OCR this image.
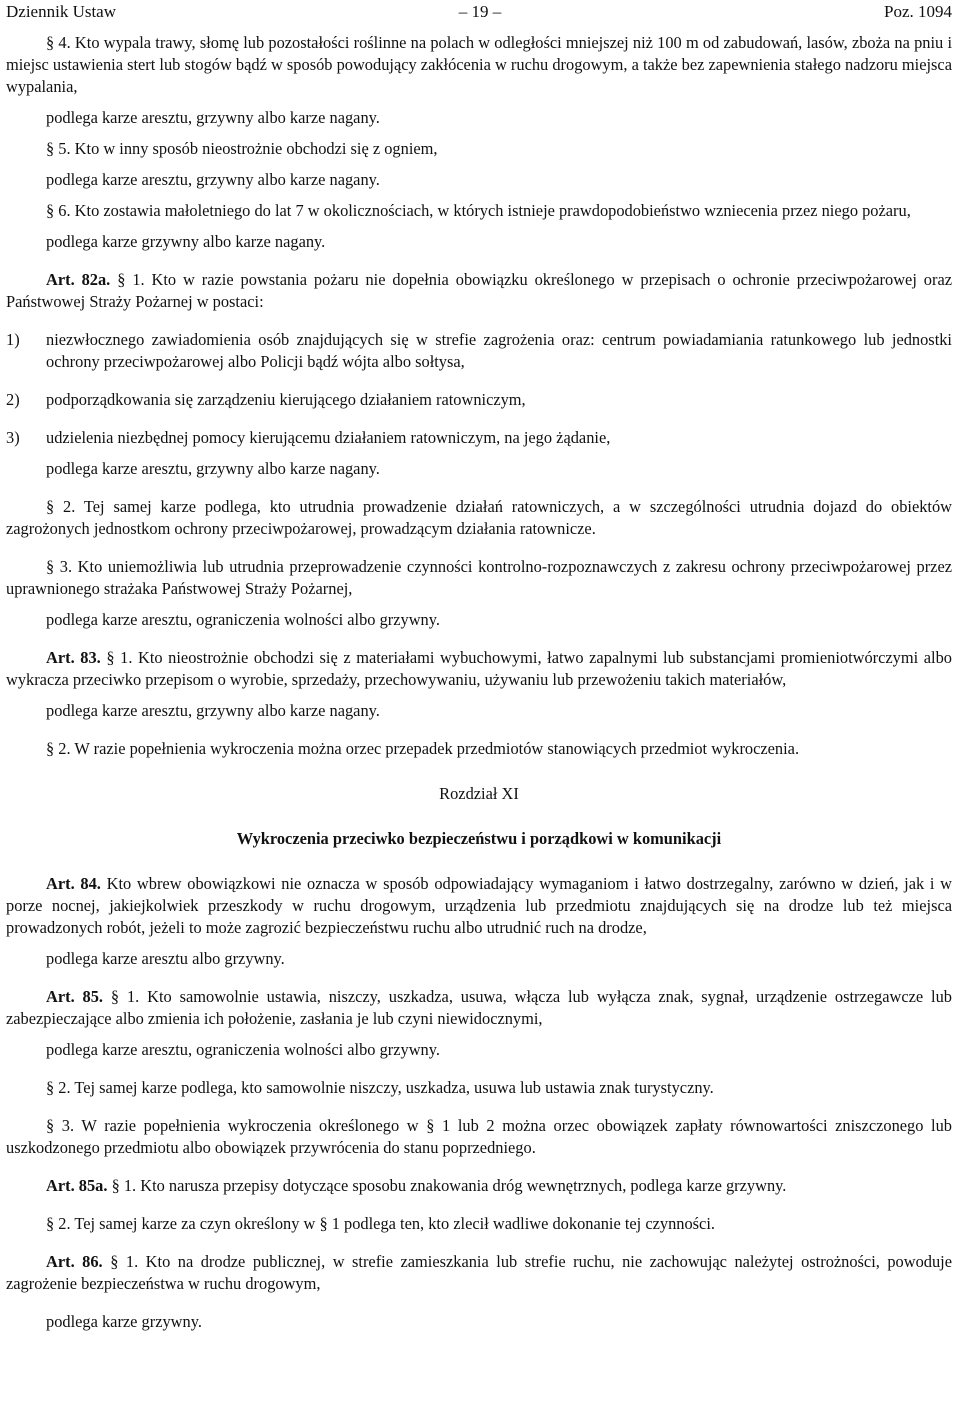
Dziennik Ustaw	– 19 –	Poz. 1094

§ 4. Kto wypala trawy, słomę lub pozostałości roślinne na polach w odległości mniejszej niż 100 m od zabudowań, lasów, zboża na pniu i miejsc ustawienia stert lub stogów bądź w sposób powodujący zakłócenia w ruchu drogowym, a także bez zapewnienia stałego nadzoru miejsca wypalania,

podlega karze aresztu, grzywny albo karze nagany.

§ 5. Kto w inny sposób nieostrożnie obchodzi się z ogniem,

podlega karze aresztu, grzywny albo karze nagany.

§ 6. Kto zostawia małoletniego do lat 7 w okolicznościach, w których istnieje prawdopodobieństwo wzniecenia przez niego pożaru,

podlega karze grzywny albo karze nagany.

Art. 82a. § 1. Kto w razie powstania pożaru nie dopełnia obowiązku określonego w przepisach o ochronie przeciwpożarowej oraz Państwowej Straży Pożarnej w postaci:

1)	niezwłocznego zawiadomienia osób znajdujących się w strefie zagrożenia oraz: centrum powiadamiania ratunkowego lub jednostki ochrony przeciwpożarowej albo Policji bądź wójta albo sołtysa,
2)	podporządkowania się zarządzeniu kierującego działaniem ratowniczym,
3)	udzielenia niezbędnej pomocy kierującemu działaniem ratowniczym, na jego żądanie,

podlega karze aresztu, grzywny albo karze nagany.

§ 2. Tej samej karze podlega, kto utrudnia prowadzenie działań ratowniczych, a w szczególności utrudnia dojazd do obiektów zagrożonych jednostkom ochrony przeciwpożarowej, prowadzącym działania ratownicze.

§ 3. Kto uniemożliwia lub utrudnia przeprowadzenie czynności kontrolno-rozpoznawczych z zakresu ochrony przeciwpożarowej przez uprawnionego strażaka Państwowej Straży Pożarnej,

podlega karze aresztu, ograniczenia wolności albo grzywny.

Art. 83. § 1. Kto nieostrożnie obchodzi się z materiałami wybuchowymi, łatwo zapalnymi lub substancjami promieniotwórczymi albo wykracza przeciwko przepisom o wyrobie, sprzedaży, przechowywaniu, używaniu lub przewożeniu takich materiałów,

podlega karze aresztu, grzywny albo karze nagany.

§ 2. W razie popełnienia wykroczenia można orzec przepadek przedmiotów stanowiących przedmiot wykroczenia.

Rozdział XI

Wykroczenia przeciwko bezpieczeństwu i porządkowi w komunikacji

Art. 84. Kto wbrew obowiązkowi nie oznacza w sposób odpowiadający wymaganiom i łatwo dostrzegalny, zarówno w dzień, jak i w porze nocnej, jakiejkolwiek przeszkody w ruchu drogowym, urządzenia lub przedmiotu znajdujących się na drodze lub też miejsca prowadzonych robót, jeżeli to może zagrozić bezpieczeństwu ruchu albo utrudnić ruch na drodze,

podlega karze aresztu albo grzywny.

Art. 85. § 1. Kto samowolnie ustawia, niszczy, uszkadza, usuwa, włącza lub wyłącza znak, sygnał, urządzenie ostrzegawcze lub zabezpieczające albo zmienia ich położenie, zasłania je lub czyni niewidocznymi,

podlega karze aresztu, ograniczenia wolności albo grzywny.

§ 2. Tej samej karze podlega, kto samowolnie niszczy, uszkadza, usuwa lub ustawia znak turystyczny.

§ 3. W razie popełnienia wykroczenia określonego w § 1 lub 2 można orzec obowiązek zapłaty równowartości zniszczonego lub uszkodzonego przedmiotu albo obowiązek przywrócenia do stanu poprzedniego.

Art. 85a. § 1. Kto narusza przepisy dotyczące sposobu znakowania dróg wewnętrznych, podlega karze grzywny.

§ 2. Tej samej karze za czyn określony w § 1 podlega ten, kto zlecił wadliwe dokonanie tej czynności.

Art. 86. § 1. Kto na drodze publicznej, w strefie zamieszkania lub strefie ruchu, nie zachowując należytej ostrożności, powoduje zagrożenie bezpieczeństwa w ruchu drogowym,

podlega karze grzywny.
